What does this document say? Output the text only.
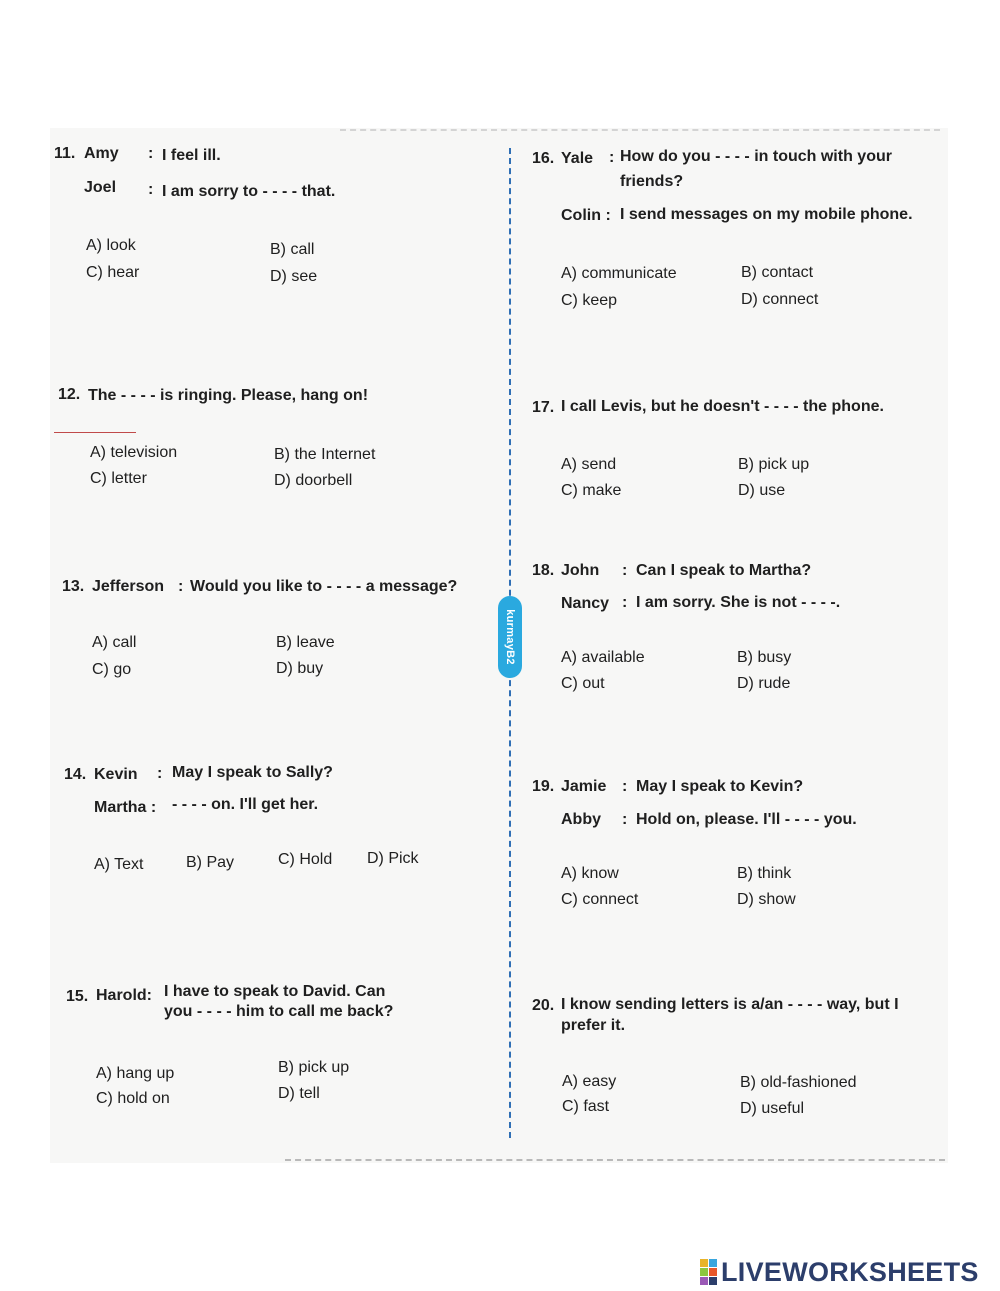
kurmayB2
11. Amy : I feel ill.
Joel : I am sorry to - - - - that.
A) look	B) call
C) hear	D) see
12. The - - - - is ringing. Please, hang on!
A) television	B) the Internet
C) letter	D) doorbell
13. Jefferson : Would you like to - - - - a message?
A) call	B) leave
C) go	D) buy
14. Kevin : May I speak to Sally?
Martha : - - - - on. I'll get her.
A) Text	B) Pay	C) Hold D) Pick
15. Harold: I have to speak to David. Can
you - - - - him to call me back?
A) hang up	B) pick up
C) hold on	D) tell
16. Yale : How do you - - - - in touch with your
friends?
Colin : I send messages on my mobile phone.
A) communicate	B) contact
C) keep	D) connect
17. I call Levis, but he doesn't - - - - the phone.
A) send	B) pick up
C) make	D) use
18. John : Can I speak to Martha?
Nancy : I am sorry. She is not - - - -.
A) available	B) busy
C) out	D) rude
19. Jamie : May I speak to Kevin?
Abby : Hold on, please. I'll - - - - you.
A) know	B) think
C) connect	D) show
20. I know sending letters is a/an - - - - way, but I
prefer it.
A) easy	B) old-fashioned
C) fast	D) useful
LIVEWORKSHEETS
